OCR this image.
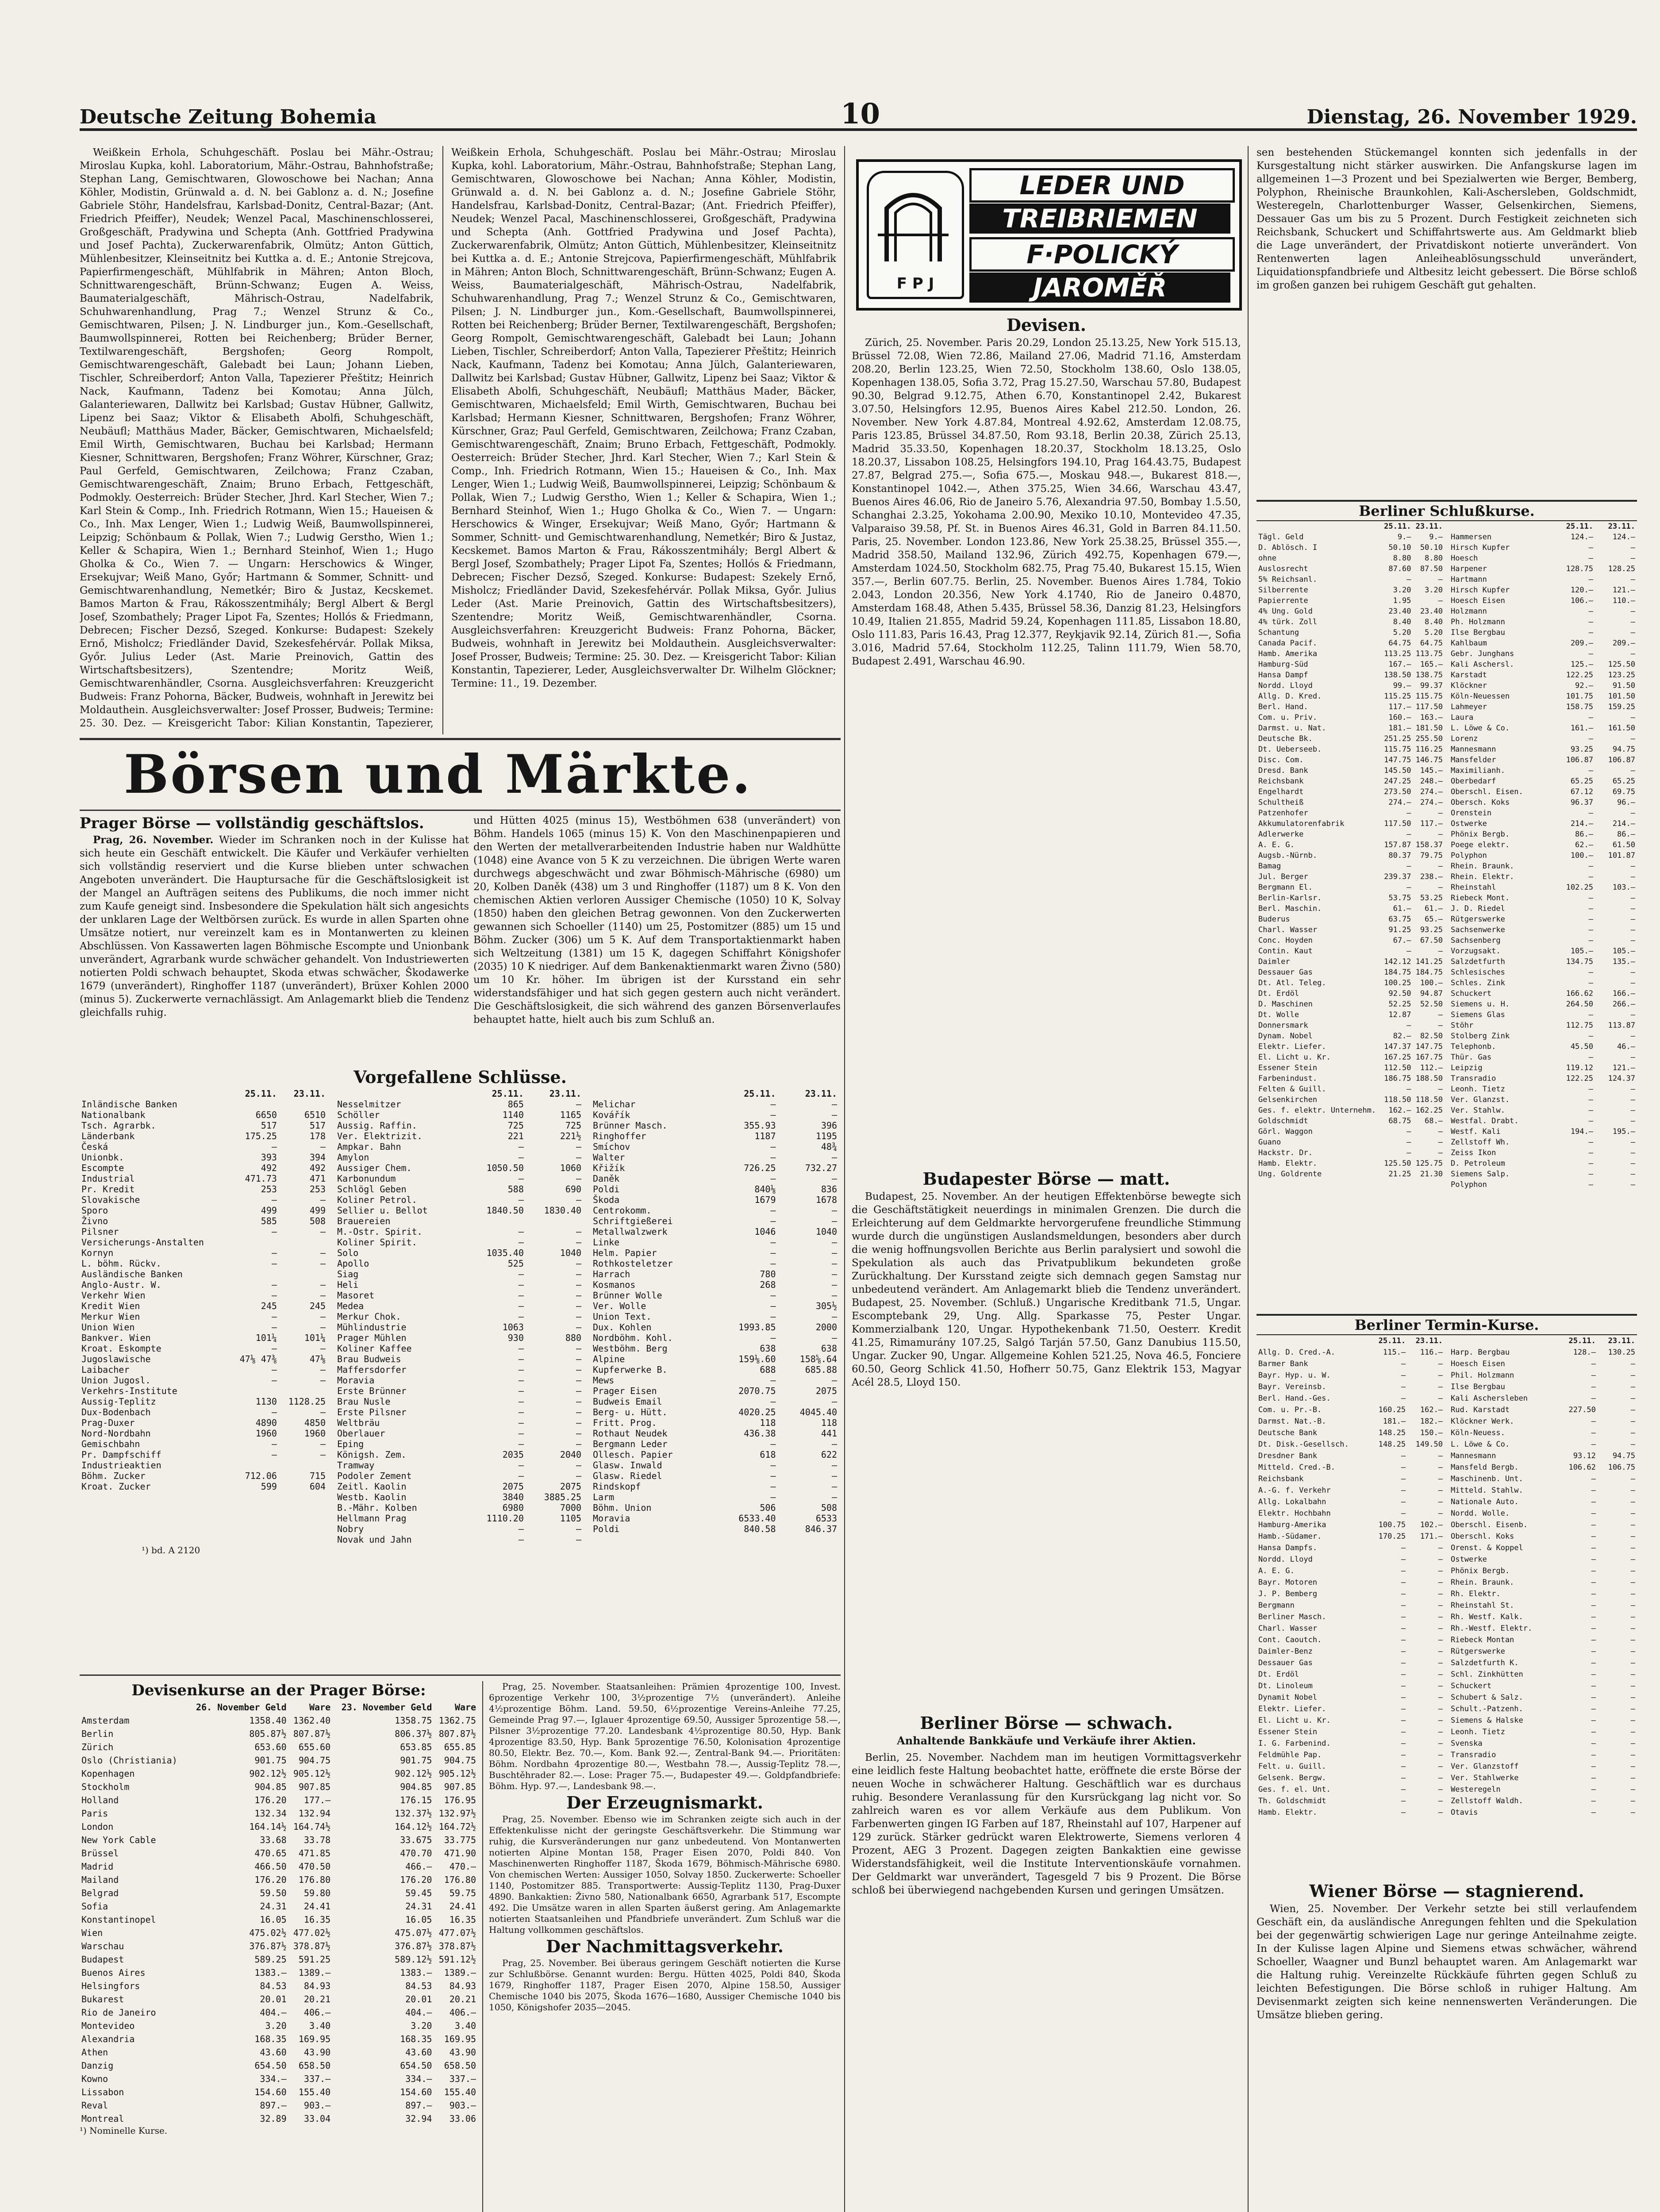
Deutsche Zeitung Bohemia	10	Dienstag, 26. November 1929.

Weißkein Erhola, Schuhgeschäft. Poslau bei Mähr.-Ostrau; Miroslau Kupka, kohl. Laboratorium, Mähr.-Ostrau, Bahnhofstraße; Stephan Lang, Gemischtwaren, Glowoschowe bei Nachan; Anna Köhler, Modistin, Grünwald a. d. N. bei Gablonz a. d. N.; Josefine Gabriele Stöhr, Handelsfrau, Karlsbad-Donitz, Central-Bazar; (Ant. Friedrich Pfeiffer), Neudek; Wenzel Pacal, Maschinenschlosserei, Großgeschäft, Pradywina und Schepta (Anh. Gottfried Pradywina und Josef Pachta), Zuckerwarenfabrik, Olmütz; Anton Güttich, Mühlenbesitzer, Kleinseitnitz bei Kuttka a. d. E.; Antonie Strejcova, Papierfirmengeschäft, Mühlfabrik in Mähren; Anton Bloch, Schnittwarengeschäft, Brünn-Schwanz; Eugen A. Weiss, Baumaterialgeschäft, Mährisch-Ostrau, Nadelfabrik, Schuhwarenhandlung, Prag 7.; Wenzel Strunz & Co., Gemischtwaren, Pilsen; J. N. Lindburger jun., Kom.-Gesellschaft, Baumwollspinnerei, Rotten bei Reichenberg; Brüder Berner, Textilwarengeschäft, Bergshofen; Georg Rompolt, Gemischtwarengeschäft, Galebadt bei Laun; Johann Lieben, Tischler, Schreiberdorf; Anton Valla, Tapezierer Přeštitz; Heinrich Nack, Kaufmann, Tadenz bei Komotau; Anna Jülch, Galanteriewaren, Dallwitz bei Karlsbad; Gustav Hübner, Gallwitz, Lipenz bei Saaz; Viktor & Elisabeth Abolfi, Schuhgeschäft, Neubäufl; Matthäus Mader, Bäcker, Gemischtwaren, Michaelsfeld; Emil Wirth, Gemischtwaren, Buchau bei Karlsbad; Hermann Kiesner, Schnittwaren, Bergshofen; Franz Wöhrer, Kürschner, Graz; Paul Gerfeld, Gemischtwaren, Zeilchowa; Franz Czaban, Gemischtwarengeschäft, Znaim; Bruno Erbach, Fettgeschäft, Podmokly. Oesterreich: Brüder Stecher, Jhrd. Karl Stecher, Wien 7.; Karl Stein & Comp., Inh. Friedrich Rotmann, Wien 15.; Haueisen & Co., Inh. Max Lenger, Wien 1.; Ludwig Weiß, Baumwollspinnerei, Leipzig; Schönbaum & Pollak, Wien 7.; Ludwig Gerstho, Wien 1.; Keller & Schapira, Wien 1.; Bernhard Steinhof, Wien 1.; Hugo Gholka & Co., Wien 7. — Ungarn: Herschowics & Winger, Ersekujvar; Weiß Mano, Győr; Hartmann & Sommer, Schnitt- und Gemischtwarenhandlung, Nemetkér; Biro & Justaz, Kecskemet. Bamos Marton & Frau, Rákosszentmihály; Bergl Albert & Bergl Josef, Szombathely; Prager Lipot Fa, Szentes; Hollós & Friedmann, Debrecen; Fischer Dezső, Szeged. Konkurse: Budapest: Szekely Ernő, Misholcz; Friedländer David, Szekesfehérvár. Pollak Miksa, Győr. Julius Leder (Ast. Marie Preinovich, Gattin des Wirtschaftsbesitzers), Szentendre; Moritz Weiß, Gemischtwarenhändler, Csorna. Ausgleichsverfahren: Kreuzgericht Budweis: Franz Pohorna, Bäcker, Budweis, wohnhaft in Jerewitz bei Moldauthein. Ausgleichsverwalter: Josef Prosser, Budweis; Termine: 25. 30. Dez. — Kreisgericht Tabor: Kilian Konstantin, Tapezierer,

Weißkein Erhola, Schuhgeschäft. Poslau bei Mähr.-Ostrau; Miroslau Kupka, kohl. Laboratorium, Mähr.-Ostrau, Bahnhofstraße; Stephan Lang, Gemischtwaren, Glowoschowe bei Nachan; Anna Köhler, Modistin, Grünwald a. d. N. bei Gablonz a. d. N.; Josefine Gabriele Stöhr, Handelsfrau, Karlsbad-Donitz, Central-Bazar; (Ant. Friedrich Pfeiffer), Neudek; Wenzel Pacal, Maschinenschlosserei, Großgeschäft, Pradywina und Schepta (Anh. Gottfried Pradywina und Josef Pachta), Zuckerwarenfabrik, Olmütz; Anton Güttich, Mühlenbesitzer, Kleinseitnitz bei Kuttka a. d. E.; Antonie Strejcova, Papierfirmengeschäft, Mühlfabrik in Mähren; Anton Bloch, Schnittwarengeschäft, Brünn-Schwanz; Eugen A. Weiss, Baumaterialgeschäft, Mährisch-Ostrau, Nadelfabrik, Schuhwarenhandlung, Prag 7.; Wenzel Strunz & Co., Gemischtwaren, Pilsen; J. N. Lindburger jun., Kom.-Gesellschaft, Baumwollspinnerei, Rotten bei Reichenberg; Brüder Berner, Textilwarengeschäft, Bergshofen; Georg Rompolt, Gemischtwarengeschäft, Galebadt bei Laun; Johann Lieben, Tischler, Schreiberdorf; Anton Valla, Tapezierer Přeštitz; Heinrich Nack, Kaufmann, Tadenz bei Komotau; Anna Jülch, Galanteriewaren, Dallwitz bei Karlsbad; Gustav Hübner, Gallwitz, Lipenz bei Saaz; Viktor & Elisabeth Abolfi, Schuhgeschäft, Neubäufl; Matthäus Mader, Bäcker, Gemischtwaren, Michaelsfeld; Emil Wirth, Gemischtwaren, Buchau bei Karlsbad; Hermann Kiesner, Schnittwaren, Bergshofen; Franz Wöhrer, Kürschner, Graz; Paul Gerfeld, Gemischtwaren, Zeilchowa; Franz Czaban, Gemischtwarengeschäft, Znaim; Bruno Erbach, Fettgeschäft, Podmokly. Oesterreich: Brüder Stecher, Jhrd. Karl Stecher, Wien 7.; Karl Stein & Comp., Inh. Friedrich Rotmann, Wien 15.; Haueisen & Co., Inh. Max Lenger, Wien 1.; Ludwig Weiß, Baumwollspinnerei, Leipzig; Schönbaum & Pollak, Wien 7.; Ludwig Gerstho, Wien 1.; Keller & Schapira, Wien 1.; Bernhard Steinhof, Wien 1.; Hugo Gholka & Co., Wien 7. — Ungarn: Herschowics & Winger, Ersekujvar; Weiß Mano, Győr; Hartmann & Sommer, Schnitt- und Gemischtwarenhandlung, Nemetkér; Biro & Justaz, Kecskemet. Bamos Marton & Frau, Rákosszentmihály; Bergl Albert & Bergl Josef, Szombathely; Prager Lipot Fa, Szentes; Hollós & Friedmann, Debrecen; Fischer Dezső, Szeged. Konkurse: Budapest: Szekely Ernő, Misholcz; Friedländer David, Szekesfehérvár. Pollak Miksa, Győr. Julius Leder (Ast. Marie Preinovich, Gattin des Wirtschaftsbesitzers), Szentendre; Moritz Weiß, Gemischtwarenhändler, Csorna. Ausgleichsverfahren: Kreuzgericht Budweis: Franz Pohorna, Bäcker, Budweis, wohnhaft in Jerewitz bei Moldauthein. Ausgleichsverwalter: Josef Prosser, Budweis; Termine: 25. 30. Dez. — Kreisgericht Tabor: Kilian Konstantin, Tapezierer, Leder, Ausgleichsverwalter Dr. Wilhelm Glöckner; Termine: 11., 19. Dezember.

Börsen und Märkte.
Prager Börse — vollständig geschäftslos.

Prag, 26. November. Wieder im Schranken noch in der Kulisse hat sich heute ein Geschäft entwickelt. Die Käufer und Verkäufer verhielten sich vollständig reserviert und die Kurse blieben unter schwachen Angeboten unverändert. Die Hauptursache für die Geschäftslosigkeit ist der Mangel an Aufträgen seitens des Publikums, die noch immer nicht zum Kaufe geneigt sind. Insbesondere die Spekulation hält sich angesichts der unklaren Lage der Weltbörsen zurück. Es wurde in allen Sparten ohne Umsätze notiert, nur vereinzelt kam es in Montanwerten zu kleinen Abschlüssen. Von Kassawerten lagen Böhmische Escompte und Unionbank unverändert, Agrarbank wurde schwächer gehandelt. Von Industriewerten notierten Poldi schwach behauptet, Skoda etwas schwächer, Škodawerke 1679 (unverändert), Ringhoffer 1187 (unverändert), Brüxer Kohlen 2000 (minus 5). Zuckerwerte vernachlässigt. Am Anlagemarkt blieb die Tendenz gleichfalls ruhig.

und Hütten 4025 (minus 15), Westböhmen 638 (unverändert) von Böhm. Handels 1065 (minus 15) K. Von den Maschinenpapieren und den Werten der metallverarbeitenden Industrie haben nur Waldhütte (1048) eine Avance von 5 K zu verzeichnen. Die übrigen Werte waren durchwegs abgeschwächt und zwar Böhmisch-Mährische (6980) um 20, Kolben Daněk (438) um 3 und Ringhoffer (1187) um 8 K. Von den chemischen Aktien verloren Aussiger Chemische (1050) 10 K, Solvay (1850) haben den gleichen Betrag gewonnen. Von den Zuckerwerten gewannen sich Schoeller (1140) um 25, Postomitzer (885) um 15 und Böhm. Zucker (306) um 5 K. Auf dem Transportaktienmarkt haben sich Weltzeitung (1381) um 15 K, dagegen Schiffahrt Königshofer (2035) 10 K niedriger. Auf dem Bankenaktienmarkt waren Živno (580) um 10 Kr. höher. Im übrigen ist der Kursstand ein sehr widerstandsfähiger und hat sich gegen gestern auch nicht verändert. Die Geschäftslosigkeit, die sich während des ganzen Börsenverlaufes behauptet hatte, hielt auch bis zum Schluß an.

Vorgefallene Schlüsse.
	25.11.	23.11.
Inländische Banken		
Nationalbank	6650	6510
Tsch. Agrarbk.	517	517
Länderbank	175.25	178
Česká	—	—
Unionbk.	393	394
Escompte	492	492
Industrial	471.73	471
Pr. Kredit	253	253
Slovakische	—	—
Sporo	499	499
Živno	585	508
Pilsner	—	—
Versicherungs-Anstalten		
Kornyn	—	—
L. böhm. Rückv.	—	—
Ausländische Banken		
Anglo-Austr. W.	—	—
Verkehr Wien	—	—
Kredit Wien	245	245
Merkur Wien	—	—
Union Wien	—	—
Bankver. Wien	101¼	101¼
Kroat. Eskompte	—	—
Jugoslawische	47⅛ 47⅜	47⅛
Laibacher	—	—
Union Jugosl.	—	—
Verkehrs-Institute		
Aussig-Teplitz	1130	1128.25
Dux-Bodenbach	—	—
Prag-Duxer	4890	4850
Nord-Nordbahn	1960	1960
Gemischbahn	—	—
Pr. Dampfschiff	—	—
Industrieaktien		
Böhm. Zucker	712.06	715
Kroat. Zucker	599	604
	25.11.	23.11.
Nesselmitzer	865	—
Schöller	1140	1165
Aussig. Raffin.	725	725
Ver. Elektrizit.	221	221½
Ampkar. Bahn	—	—
Amylon	—	—
Aussiger Chem.	1050.50	1060
Karbonundum	—	—
Schlögl Geben	588	690
Koliner Petrol.	—	—
Sellier u. Bellot	1840.50	1830.40
Brauereien		
M.-Ostr. Spirit.	—	—
Koliner Spirit.	—	—
Solo	1035.40	1040
Apollo	525	—
Siag	—	—
Heli	—	—
Masoret	—	—
Medea	—	—
Merkur Chok.	—	—
Mühlindustrie	1063	—
Prager Mühlen	930	880
Koliner Kaffee	—	—
Brau Budweis	—	—
Maffersdorfer	—	—
Moravia	—	—
Erste Brünner	—	—
Brau Nusle	—	—
Erste Pilsner	—	—
Weltbräu	—	—
Oberlauer	—	—
Eping	—	—
Königsh. Zem.	2035	2040
Tramway	—	—
Podoler Zement	—	—
Zeitl. Kaolin	2075	2075
Westb. Kaolin	3840	3885.25
B.-Mähr. Kolben	6980	7000
Hellmann Prag	1110.20	1105
Nobry	—	—
Novak und Jahn	—	—
	25.11.	23.11.
Melichar	—	—
Kovářík	—	—
Brünner Masch.	355.93	396
Ringhoffer	1187	1195
Smíchov	—	48¾
Walter	—	—
Křižík	726.25	732.27
Daněk	—	—
Poldi	840⅛	836
Škoda	1679	1678
Centrokomm.	—	—
Schriftgießerei	—	—
Metallwalzwerk	1046	1040
Linke	—	—
Helm. Papier	—	—
Rothkosteletzer	—	—
Harrach	780	—
Kosmanos	268	—
Brünner Wolle	—	—
Ver. Wolle	—	305½
Union Text.	—	—
Dux. Kohlen	1993.85	2000
Nordböhm. Kohl.	—	—
Westböhm. Berg	638	638
Alpine	159⅛.60	158⅝.64
Kupferwerke B.	688	685.88
Mews	—	—
Prager Eisen	2070.75	2075
Budweis Email	—	—
Berg- u. Hütt.	4020.25	4045.40
Fritt. Prog.	118	118
Rothaut Neudek	436.38	441
Bergmann Leder	—	—
Ollesch. Papier	618	622
Glasw. Inwald	—	—
Glasw. Riedel	—	—
Rindskopf	—	—
Larm	—	—
Böhm. Union	506	508
Moravia	6533.40	6533
Poldi	840.58	846.37
¹) bd. A 2120
Devisenkurse an der Prager Börse:
	26. November Geld	Ware	23. November Geld	Ware
Amsterdam	1358.40	1362.40	1358.75	1362.75
Berlin	805.87½	807.87½	806.37½	807.87½
Zürich	653.60	655.60	653.85	655.85
Oslo (Christiania)	901.75	904.75	901.75	904.75
Kopenhagen	902.12½	905.12½	902.12½	905.12½
Stockholm	904.85	907.85	904.85	907.85
Holland	176.20	177.—	176.15	176.95
Paris	132.34	132.94	132.37½	132.97½
London	164.14½	164.74½	164.12½	164.72½
New York Cable	33.68	33.78	33.675	33.775
Brüssel	470.65	471.85	470.70	471.90
Madrid	466.50	470.50	466.—	470.—
Mailand	176.20	176.80	176.20	176.80
Belgrad	59.50	59.80	59.45	59.75
Sofia	24.31	24.41	24.31	24.41
Konstantinopel	16.05	16.35	16.05	16.35
Wien	475.02½	477.02½	475.07½	477.07½
Warschau	376.87½	378.87½	376.87½	378.87½
Budapest	589.25	591.25	589.12½	591.12½
Buenos Aires	1383.—	1389.—	1383.—	1389.—
Helsingfors	84.53	84.93	84.53	84.93
Bukarest	20.01	20.21	20.01	20.21
Rio de Janeiro	404.—	406.—	404.—	406.—
Montevideo	3.20	3.40	3.20	3.40
Alexandria	168.35	169.95	168.35	169.95
Athen	43.60	43.90	43.60	43.90
Danzig	654.50	658.50	654.50	658.50
Kowno	334.—	337.—	334.—	337.—
Lissabon	154.60	155.40	154.60	155.40
Reval	897.—	903.—	897.—	903.—
Montreal	32.89	33.04	32.94	33.06
¹) Nominelle Kurse.

Prag, 25. November. Staatsanleihen: Prämien 4prozentige 100, Invest. 6prozentige Verkehr 100, 3½prozentige 7½ (unverändert). Anleihe 4½prozentige Böhm. Land. 59.50, 6½prozentige Vereins-Anleihe 77.25, Gemeinde Prag 97.—, Iglauer 4prozentige 69.50, Aussiger 5prozentige 58.—, Pilsner 3½prozentige 77.20. Landesbank 4½prozentige 80.50, Hyp. Bank 4prozentige 83.50, Hyp. Bank 5prozentige 76.50, Kolonisation 4prozentige 80.50, Elektr. Bez. 70.—, Kom. Bank 92.—, Zentral-Bank 94.—. Prioritäten: Böhm. Nordbahn 4prozentige 80.—, Westbahn 78.—, Aussig-Teplitz 78.—, Buschtěhrader 82.—. Lose: Prager 75.—, Budapester 49.—. Goldpfandbriefe: Böhm. Hyp. 97.—, Landesbank 98.—.

Der Erzeugnismarkt.

Prag, 25. November. Ebenso wie im Schranken zeigte sich auch in der Effektenkulisse nicht der geringste Geschäftsverkehr. Die Stimmung war ruhig, die Kursveränderungen nur ganz unbedeutend. Von Montanwerten notierten Alpine Montan 158, Prager Eisen 2070, Poldi 840. Von Maschinenwerten Ringhoffer 1187, Škoda 1679, Böhmisch-Mährische 6980. Von chemischen Werten: Aussiger 1050, Solvay 1850. Zuckerwerte: Schoeller 1140, Postomitzer 885. Transportwerte: Aussig-Teplitz 1130, Prag-Duxer 4890. Bankaktien: Živno 580, Nationalbank 6650, Agrarbank 517, Escompte 492. Die Umsätze waren in allen Sparten äußerst gering. Am Anlagemarkte notierten Staatsanleihen und Pfandbriefe unverändert. Zum Schluß war die Haltung vollkommen geschäftslos.

Der Nachmittagsverkehr.

Prag, 25. November. Bei überaus geringem Geschäft notierten die Kurse zur Schlußbörse. Genannt wurden: Bergu. Hütten 4025, Poldi 840, Škoda 1679, Ringhoffer 1187, Prager Eisen 2070, Alpine 158.50, Aussiger Chemische 1040 bis 2075, Škoda 1676—1680, Aussiger Chemische 1040 bis 1050, Königshofer 2035—2045.

F P J
LEDER UND
TREIBRIEMEN
F·POLICKÝ
JAROMĚŘ
Devisen.

Zürich, 25. November. Paris 20.29, London 25.13.25, New York 515.13, Brüssel 72.08, Wien 72.86, Mailand 27.06, Madrid 71.16, Amsterdam 208.20, Berlin 123.25, Wien 72.50, Stockholm 138.60, Oslo 138.05, Kopenhagen 138.05, Sofia 3.72, Prag 15.27.50, Warschau 57.80, Budapest 90.30, Belgrad 9.12.75, Athen 6.70, Konstantinopel 2.42, Bukarest 3.07.50, Helsingfors 12.95, Buenos Aires Kabel 212.50. London, 26. November. New York 4.87.84, Montreal 4.92.62, Amsterdam 12.08.75, Paris 123.85, Brüssel 34.87.50, Rom 93.18, Berlin 20.38, Zürich 25.13, Madrid 35.33.50, Kopenhagen 18.20.37, Stockholm 18.13.25, Oslo 18.20.37, Lissabon 108.25, Helsingfors 194.10, Prag 164.43.75, Budapest 27.87, Belgrad 275.—, Sofia 675.—, Moskau 948.—, Bukarest 818.—, Konstantinopel 1042.—, Athen 375.25, Wien 34.66, Warschau 43.47, Buenos Aires 46.06, Rio de Janeiro 5.76, Alexandria 97.50, Bombay 1.5.50, Schanghai 2.3.25, Yokohama 2.00.90, Mexiko 10.10, Montevideo 47.35, Valparaiso 39.58, Pf. St. in Buenos Aires 46.31, Gold in Barren 84.11.50. Paris, 25. November. London 123.86, New York 25.38.25, Brüssel 355.—, Madrid 358.50, Mailand 132.96, Zürich 492.75, Kopenhagen 679.—, Amsterdam 1024.50, Stockholm 682.75, Prag 75.40, Bukarest 15.15, Wien 357.—, Berlin 607.75. Berlin, 25. November. Buenos Aires 1.784, Tokio 2.043, London 20.356, New York 4.1740, Rio de Janeiro 0.4870, Amsterdam 168.48, Athen 5.435, Brüssel 58.36, Danzig 81.23, Helsingfors 10.49, Italien 21.855, Madrid 59.24, Kopenhagen 111.85, Lissabon 18.80, Oslo 111.83, Paris 16.43, Prag 12.377, Reykjavik 92.14, Zürich 81.—, Sofia 3.016, Madrid 57.64, Stockholm 112.25, Talinn 111.79, Wien 58.70, Budapest 2.491, Warschau 46.90.

Budapester Börse — matt.

Budapest, 25. November. An der heutigen Effektenbörse bewegte sich die Geschäftstätigkeit neuerdings in minimalen Grenzen. Die durch die Erleichterung auf dem Geldmarkte hervorgerufene freundliche Stimmung wurde durch die ungünstigen Auslandsmeldungen, besonders aber durch die wenig hoffnungsvollen Berichte aus Berlin paralysiert und sowohl die Spekulation als auch das Privatpublikum bekundeten große Zurückhaltung. Der Kursstand zeigte sich demnach gegen Samstag nur unbedeutend verändert. Am Anlagemarkt blieb die Tendenz unverändert. Budapest, 25. November. (Schluß.) Ungarische Kreditbank 71.5, Ungar. Escomptebank 29, Ung. Allg. Sparkasse 75, Pester Ungar. Kommerzialbank 120, Ungar. Hypothekenbank 71.50, Oesterr. Kredit 41.25, Rimamurány 107.25, Salgó Tarján 57.50, Ganz Danubius 115.50, Ungar. Zucker 90, Ungar. Allgemeine Kohlen 521.25, Nova 46.5, Fonciere 60.50, Georg Schlick 41.50, Hofherr 50.75, Ganz Elektrik 153, Magyar Acél 28.5, Lloyd 150.

Berliner Börse — schwach.
Anhaltende Bankkäufe und Verkäufe ihrer Aktien.

Berlin, 25. November. Nachdem man im heutigen Vormittagsverkehr eine leidlich feste Haltung beobachtet hatte, eröffnete die erste Börse der neuen Woche in schwächerer Haltung. Geschäftlich war es durchaus ruhig. Besondere Veranlassung für den Kursrückgang lag nicht vor. So zahlreich waren es vor allem Verkäufe aus dem Publikum. Von Farbenwerten gingen IG Farben auf 187, Rheinstahl auf 107, Harpener auf 129 zurück. Stärker gedrückt waren Elektrowerte, Siemens verloren 4 Prozent, AEG 3 Prozent. Dagegen zeigten Bankaktien eine gewisse Widerstandsfähigkeit, weil die Institute Interventionskäufe vornahmen. Der Geldmarkt war unverändert, Tagesgeld 7 bis 9 Prozent. Die Börse schloß bei überwiegend nachgebenden Kursen und geringen Umsätzen.

sen bestehenden Stückemangel konnten sich jedenfalls in der Kursgestaltung nicht stärker auswirken. Die Anfangskurse lagen im allgemeinen 1—3 Prozent und bei Spezialwerten wie Berger, Bemberg, Polyphon, Rheinische Braunkohlen, Kali-Aschersleben, Goldschmidt, Westeregeln, Charlottenburger Wasser, Gelsenkirchen, Siemens, Dessauer Gas um bis zu 5 Prozent. Durch Festigkeit zeichneten sich Reichsbank, Schuckert und Schiffahrtswerte aus. Am Geldmarkt blieb die Lage unverändert, der Privatdiskont notierte unverändert. Von Rentenwerten lagen Anleiheablösungsschuld unverändert, Liquidationspfandbriefe und Altbesitz leicht gebessert. Die Börse schloß im großen ganzen bei ruhigem Geschäft gut gehalten.

Berliner Schlußkurse.
	25.11.	23.11.
Tägl. Geld	9.—	9.—
D. Ablösch. I	50.10	50.10
ohne	8.80	8.80
Auslosrecht	87.60	87.50
5% Reichsanl.	—	—
Silberrente	3.20	3.20
Papierrente	1.95	—
4% Ung. Gold	23.40	23.40
4% türk. Zoll	8.40	8.40
Schantung	5.20	5.20
Canada Pacif.	64.75	64.75
Hamb. Amerika	113.25	113.75
Hamburg-Süd	167.—	165.—
Hansa Dampf	138.50	138.75
Nordd. Lloyd	99.—	99.37
Allg. D. Kred.	115.25	115.75
Berl. Hand.	117.—	117.50
Com. u. Priv.	160.—	163.—
Darmst. u. Nat.	181.—	181.50
Deutsche Bk.	251.25	255.50
Dt. Ueberseeb.	115.75	116.25
Disc. Com.	147.75	146.75
Dresd. Bank	145.50	145.—
Reichsbank	247.25	248.—
Engelhardt	273.50	274.—
Schultheiß	274.—	274.—
Patzenhofer	—	—
Akkumulatorenfabrik	117.50	117.—
Adlerwerke	—	—
A. E. G.	157.87	158.37
Augsb.-Nürnb.	80.37	79.75
Bamag	—	—
Jul. Berger	239.37	238.—
Bergmann El.	—	—
Berlin-Karlsr.	53.75	53.25
Berl. Maschin.	61.—	61.—
Buderus	63.75	65.—
Charl. Wasser	91.25	93.25
Conc. Hoyden	67.—	67.50
Contin. Kaut	—	—
Daimler	142.12	141.25
Dessauer Gas	184.75	184.75
Dt. Atl. Teleg.	100.25	100.—
Dt. Erdöl	92.50	94.87
D. Maschinen	52.25	52.50
Dt. Wolle	12.87	—
Donnersmark	—	—
Dynam. Nobel	82.—	82.50
Elektr. Liefer.	147.37	147.75
El. Licht u. Kr.	167.25	167.75
Essener Stein	112.50	112.—
Farbenindust.	186.75	188.50
Felten & Guill.	—	—
Gelsenkirchen	118.50	118.50
Ges. f. elektr. Unternehm.	162.—	162.25
Goldschmidt	68.75	68.—
Görl. Waggon	—	—
Guano	—	—
Hackstr. Dr.	—	—
Hamb. Elektr.	125.50	125.75
Ung. Goldrente	21.25	21.30
	25.11.	23.11.
Hammersen	124.—	124.—
Hirsch Kupfer	—	—
Hoesch	—	—
Harpener	128.75	128.25
Hartmann	—	—
Hirsch Kupfer	120.—	121.—
Hoesch Eisen	106.—	110.—
Holzmann	—	—
Ph. Holzmann	—	—
Ilse Bergbau	—	—
Kahlbaum	209.—	209.—
Gebr. Junghans	—	—
Kali Aschersl.	125.—	125.50
Karstadt	122.25	123.25
Klöckner	92.—	91.50
Köln-Neuessen	101.75	101.50
Lahmeyer	158.75	159.25
Laura	—	—
L. Löwe & Co.	161.—	161.50
Lorenz	—	—
Mannesmann	93.25	94.75
Mansfelder	106.87	106.87
Maximilianh.	—	—
Oberbedarf	65.25	65.25
Oberschl. Eisen.	67.12	69.75
Obersch. Koks	96.37	96.—
Orenstein	—	—
Ostwerke	214.—	214.—
Phönix Bergb.	86.—	86.—
Poege elektr.	62.—	61.50
Polyphon	100.—	101.87
Rhein. Braunk.	—	—
Rhein. Elektr.	—	—
Rheinstahl	102.25	103.—
Riebeck Mont.	—	—
J. D. Riedel	—	—
Rütgerswerke	—	—
Sachsenwerke	—	—
Sachsenberg	—	—
Vorzugsakt.	105.—	105.—
Salzdetfurth	134.75	135.—
Schlesisches	—	—
Schles. Zink	—	—
Schuckert	166.62	166.—
Siemens u. H.	264.50	266.—
Siemens Glas	—	—
Stöhr	112.75	113.87
Stolberg Zink	—	—
Telephonb.	45.50	46.—
Thür. Gas	—	—
Leipzig	119.12	121.—
Transradio	122.25	124.37
Leonh. Tietz	—	—
Ver. Glanzst.	—	—
Ver. Stahlw.	—	—
Westfal. Drabt.	—	—
Westf. Kali	194.—	195.—
Zellstoff Wh.	—	—
Zeiss Ikon	—	—
D. Petroleum	—	—
Siemens Salp.	—	—
Polyphon	—	—
Berliner Termin-Kurse.
	25.11.	23.11.
Allg. D. Cred.-A.	115.—	116.—
Barmer Bank	—	—
Bayr. Hyp. u. W.	—	—
Bayr. Vereinsb.	—	—
Berl. Hand.-Ges.	—	—
Com. u. Pr.-B.	160.25	162.—
Darmst. Nat.-B.	181.—	182.—
Deutsche Bank	148.25	150.—
Dt. Disk.-Gesellsch.	148.25	149.50
Dresdner Bank	—	—
Mitteld. Cred.-B.	—	—
Reichsbank	—	—
A.-G. f. Verkehr	—	—
Allg. Lokalbahn	—	—
Elektr. Hochbahn	—	—
Hamburg-Amerika	100.75	102.—
Hamb.-Südamer.	170.25	171.—
Hansa Dampfs.	—	—
Nordd. Lloyd	—	—
A. E. G.	—	—
Bayr. Motoren	—	—
J. P. Bemberg	—	—
Bergmann	—	—
Berliner Masch.	—	—
Charl. Wasser	—	—
Cont. Caoutch.	—	—
Daimler-Benz	—	—
Dessauer Gas	—	—
Dt. Erdöl	—	—
Dt. Linoleum	—	—
Dynamit Nobel	—	—
Elektr. Liefer.	—	—
El. Licht u. Kr.	—	—
Essener Stein	—	—
I. G. Farbenind.	—	—
Feldmühle Pap.	—	—
Felt. u. Guill.	—	—
Gelsenk. Bergw.	—	—
Ges. f. el. Unt.	—	—
Th. Goldschmidt	—	—
Hamb. Elektr.	—	—
	25.11.	23.11.
Harp. Bergbau	128.—	130.25
Hoesch Eisen	—	—
Phil. Holzmann	—	—
Ilse Bergbau	—	—
Kali Aschersleben	—	—
Rud. Karstadt	227.50	—
Klöckner Werk.	—	—
Köln-Neuess.	—	—
L. Löwe & Co.	—	—
Mannesmann	93.12	94.75
Mansfeld Bergb.	106.62	106.75
Maschinenb. Unt.	—	—
Mitteld. Stahlw.	—	—
Nationale Auto.	—	—
Nordd. Wolle.	—	—
Oberschl. Eisenb.	—	—
Oberschl. Koks	—	—
Orenst. & Koppel	—	—
Ostwerke	—	—
Phönix Bergb.	—	—
Rhein. Braunk.	—	—
Rh. Elektr.	—	—
Rheinstahl St.	—	—
Rh. Westf. Kalk.	—	—
Rh.-Westf. Elektr.	—	—
Riebeck Montan	—	—
Rütgerswerke	—	—
Salzdetfurth K.	—	—
Schl. Zinkhütten	—	—
Schuckert	—	—
Schubert & Salz.	—	—
Schult.-Patzenh.	—	—
Siemens & Halske	—	—
Leonh. Tietz	—	—
Svenska	—	—
Transradio	—	—
Ver. Glanzstoff	—	—
Ver. Stahlwerke	—	—
Westeregeln	—	—
Zellstoff Waldh.	—	—
Otavis	—	—
Wiener Börse — stagnierend.

Wien, 25. November. Der Verkehr setzte bei still verlaufendem Geschäft ein, da ausländische Anregungen fehlten und die Spekulation bei der gegenwärtig schwierigen Lage nur geringe Anteilnahme zeigte. In der Kulisse lagen Alpine und Siemens etwas schwächer, während Schoeller, Waagner und Bunzl behauptet waren. Am Anlagemarkt war die Haltung ruhig. Vereinzelte Rückkäufe führten gegen Schluß zu leichten Befestigungen. Die Börse schloß in ruhiger Haltung. Am Devisenmarkt zeigten sich keine nennenswerten Veränderungen. Die Umsätze blieben gering.
